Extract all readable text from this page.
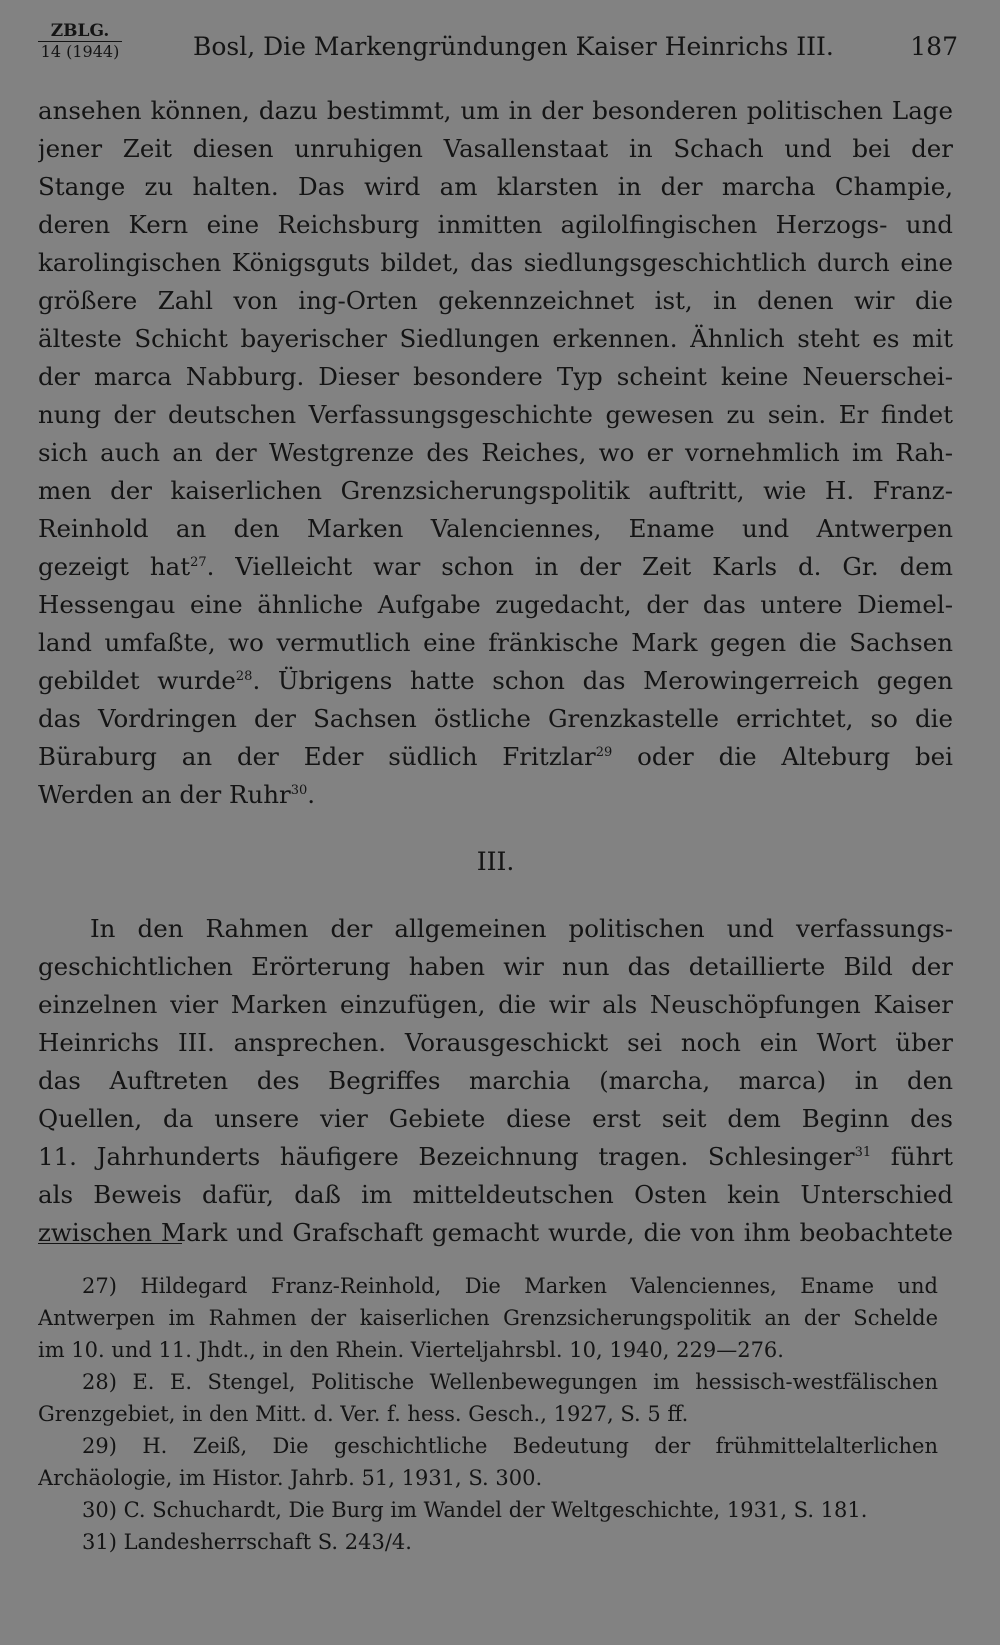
ZBLG.
14 (1944)	Bosl, Die Markengründungen Kaiser Heinrichs III.	187
ansehen können, dazu bestimmt, um in der besonderen politischen Lage
jener Zeit diesen unruhigen Vasallenstaat in Schach und bei der
Stange zu halten. Das wird am klarsten in der marcha Champie,
deren Kern eine Reichsburg inmitten agilolfingischen Herzogs- und
karolingischen Königsguts bildet, das siedlungsgeschichtlich durch eine
größere Zahl von ing-Orten gekennzeichnet ist, in denen wir die
älteste Schicht bayerischer Siedlungen erkennen. Ähnlich steht es mit
der marca Nabburg. Dieser besondere Typ scheint keine Neuerschei-
nung der deutschen Verfassungsgeschichte gewesen zu sein. Er findet
sich auch an der Westgrenze des Reiches, wo er vornehmlich im Rah-
men der kaiserlichen Grenzsicherungspolitik auftritt, wie H. Franz-
Reinhold an den Marken Valenciennes, Ename und Antwerpen
gezeigt hat$^{27}$. Vielleicht war schon in der Zeit Karls d. Gr. dem
Hessengau eine ähnliche Aufgabe zugedacht, der das untere Diemel-
land umfaßte, wo vermutlich eine fränkische Mark gegen die Sachsen
gebildet wurde$^{28}$. Übrigens hatte schon das Merowingerreich gegen
das Vordringen der Sachsen östliche Grenzkastelle errichtet, so die
Büraburg an der Eder südlich Fritzlar$^{29}$ oder die Alteburg bei
Werden an der Ruhr$^{30}$.
III.
In den Rahmen der allgemeinen politischen und verfassungs-
geschichtlichen Erörterung haben wir nun das detaillierte Bild der
einzelnen vier Marken einzufügen, die wir als Neuschöpfungen Kaiser
Heinrichs III. ansprechen. Vorausgeschickt sei noch ein Wort über
das Auftreten des Begriffes marchia (marcha, marca) in den
Quellen, da unsere vier Gebiete diese erst seit dem Beginn des
11. Jahrhunderts häufigere Bezeichnung tragen. Schlesinger$^{31}$ führt
als Beweis dafür, daß im mitteldeutschen Osten kein Unterschied
zwischen Mark und Grafschaft gemacht wurde, die von ihm beobachtete
27) Hildegard Franz-Reinhold, Die Marken Valenciennes, Ename und
Antwerpen im Rahmen der kaiserlichen Grenzsicherungspolitik an der Schelde
im 10. und 11. Jhdt., in den Rhein. Vierteljahrsbl. 10, 1940, 229—276.
28) E. E. Stengel, Politische Wellenbewegungen im hessisch-westfälischen
Grenzgebiet, in den Mitt. d. Ver. f. hess. Gesch., 1927, S. 5 ff.
29) H. Zeiß, Die geschichtliche Bedeutung der frühmittelalterlichen
Archäologie, im Histor. Jahrb. 51, 1931, S. 300.
30) C. Schuchardt, Die Burg im Wandel der Weltgeschichte, 1931, S. 181.
31) Landesherrschaft S. 243/4.
